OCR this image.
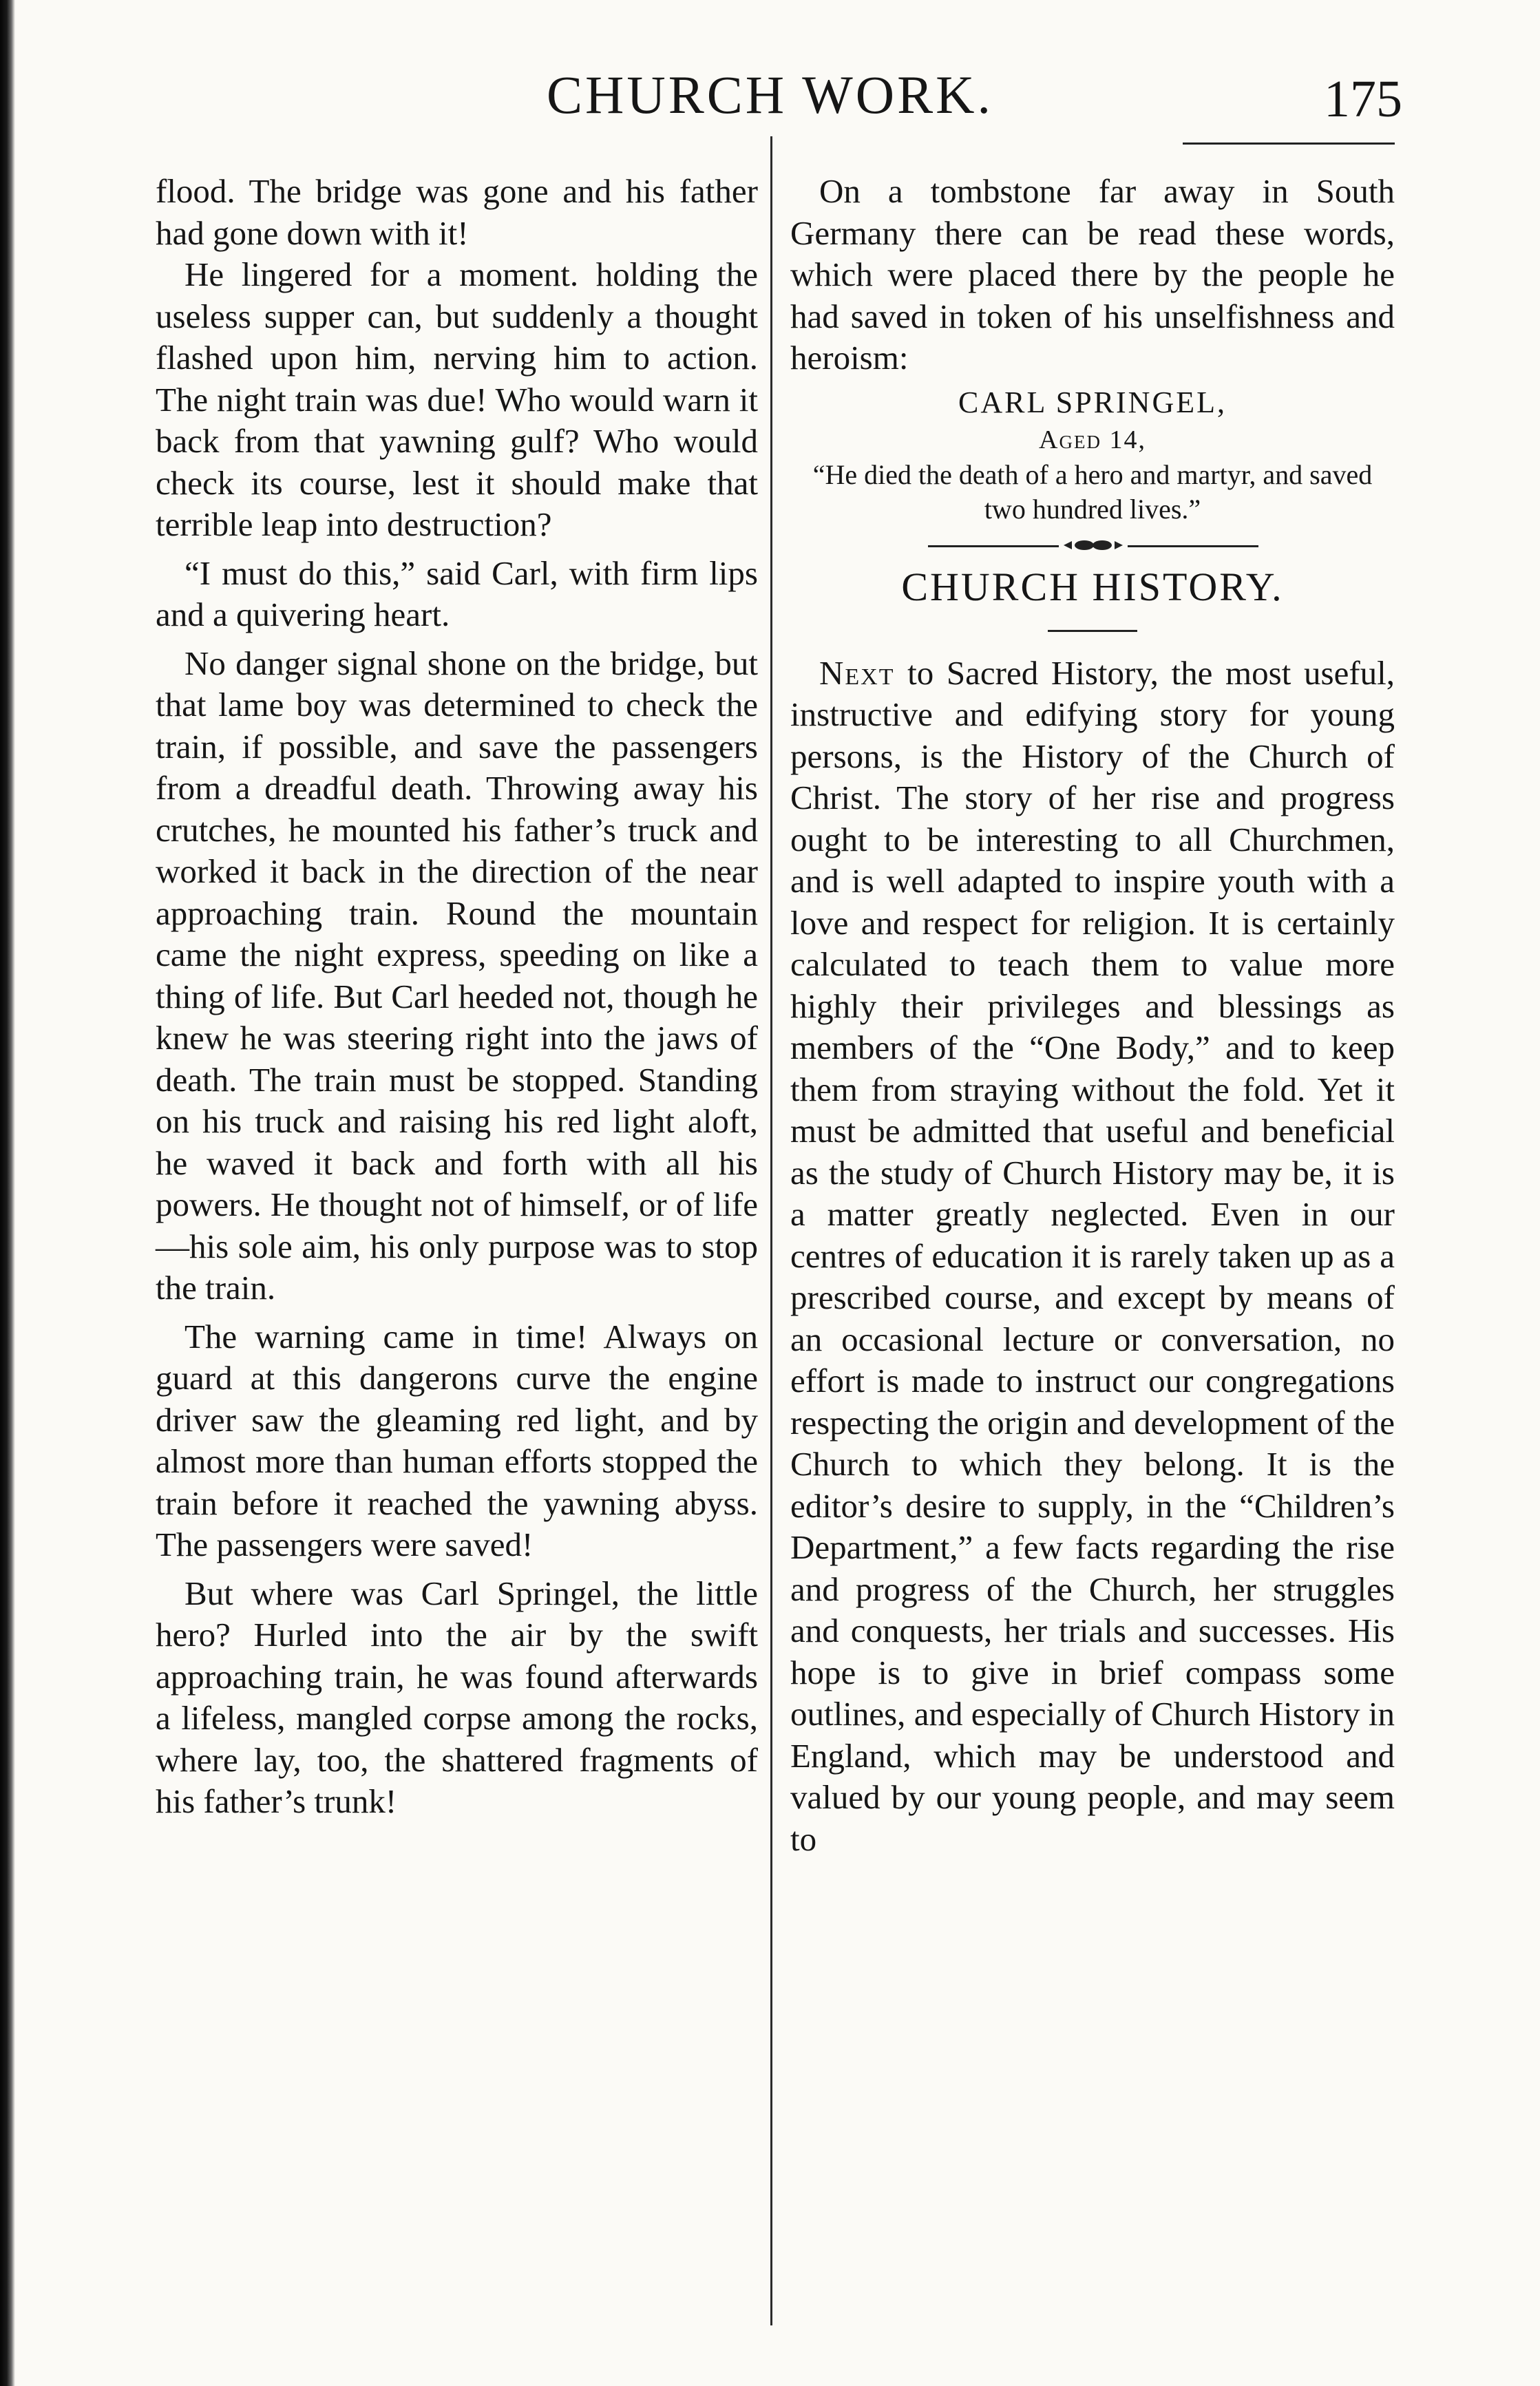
CHURCH WORK.	175

flood. The bridge was gone and his father had gone down with it!

He lingered for a moment. holding the useless supper can, but suddenly a thought flashed upon him, nerving him to action. The night train was due! Who would warn it back from that yawning gulf? Who would check its course, lest it should make that terrible leap into destruction?

“I must do this,” said Carl, with firm lips and a quivering heart.

No danger signal shone on the bridge, but that lame boy was determined to check the train, if possible, and save the passengers from a dreadful death. Throwing away his crutches, he mounted his father’s truck and worked it back in the direction of the near approaching train. Round the mountain came the night express, speeding on like a thing of life. But Carl heeded not, though he knew he was steering right into the jaws of death. The train must be stopped. Standing on his truck and raising his red light aloft, he waved it back and forth with all his powers. He thought not of himself, or of life—his sole aim, his only purpose was to stop the train.

The warning came in time! Always on guard at this dangerons curve the engine driver saw the gleaming red light, and by almost more than human efforts stopped the train before it reached the yawning abyss. The passengers were saved!

But where was Carl Springel, the little hero? Hurled into the air by the swift approaching train, he was found afterwards a lifeless, mangled corpse among the rocks, where lay, too, the shattered fragments of his father’s trunk!

On a tombstone far away in South Germany there can be read these words, which were placed there by the people he had saved in token of his unselfishness and heroism:

CARL SPRINGEL,
Aged 14,
“He died the death of a hero and martyr, and saved two hundred lives.”
CHURCH HISTORY.

Next to Sacred History, the most useful, instructive and edifying story for young persons, is the History of the Church of Christ. The story of her rise and progress ought to be interesting to all Churchmen, and is well adapted to inspire youth with a love and respect for religion. It is certainly calculated to teach them to value more highly their privileges and blessings as members of the “One Body,” and to keep them from straying without the fold. Yet it must be admitted that useful and beneficial as the study of Church History may be, it is a matter greatly neglected. Even in our centres of education it is rarely taken up as a prescribed course, and except by means of an occasional lecture or conversation, no effort is made to instruct our congregations respecting the origin and development of the Church to which they belong. It is the editor’s desire to supply, in the “Children’s Department,” a few facts regarding the rise and progress of the Church, her struggles and conquests, her trials and successes. His hope is to give in brief compass some outlines, and especially of Church History in England, which may be understood and valued by our young people, and may seem to
